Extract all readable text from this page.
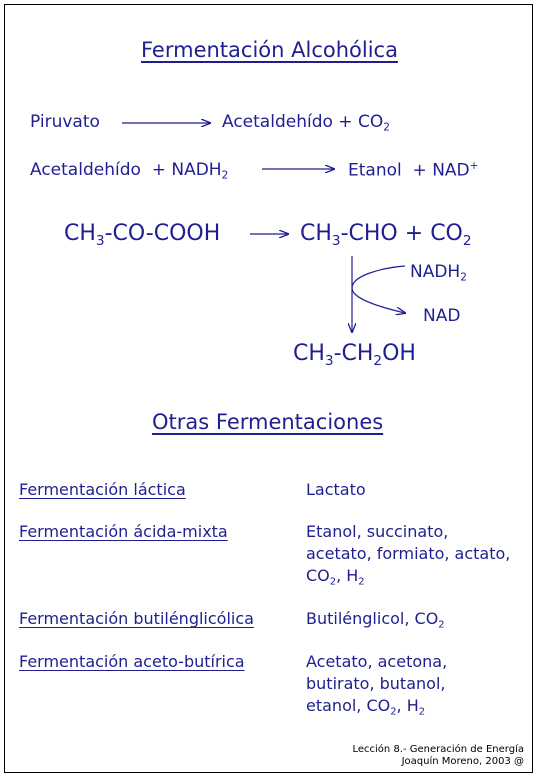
Fermentación Alcohólica
Piruvato	Acetaldehído + $CO_2$
Acetaldehído + $NADH_2$	Etanol + NAD+
$CH_3-CO$-COOH	$CH_3$-CHO + $CO_2$
$NADH_2$
NAD
$CH_3-CH_2OH$
Otras Fermentaciones
Fermentación láctica	Lactato
Fermentación ácida-mixta	Etanol, succinato,
acetato, formiato, actato,
$CO_2$, $H_2$
Fermentación butilénglicólica	Butilénglicol, $CO_2$
Fermentación aceto-butírica	Acetato, acetona,
butirato, butanol,
etanol, $CO_2$, $H_2$
Lección 8.- Generación de Energía
Joaquín Moreno, 2003 @
